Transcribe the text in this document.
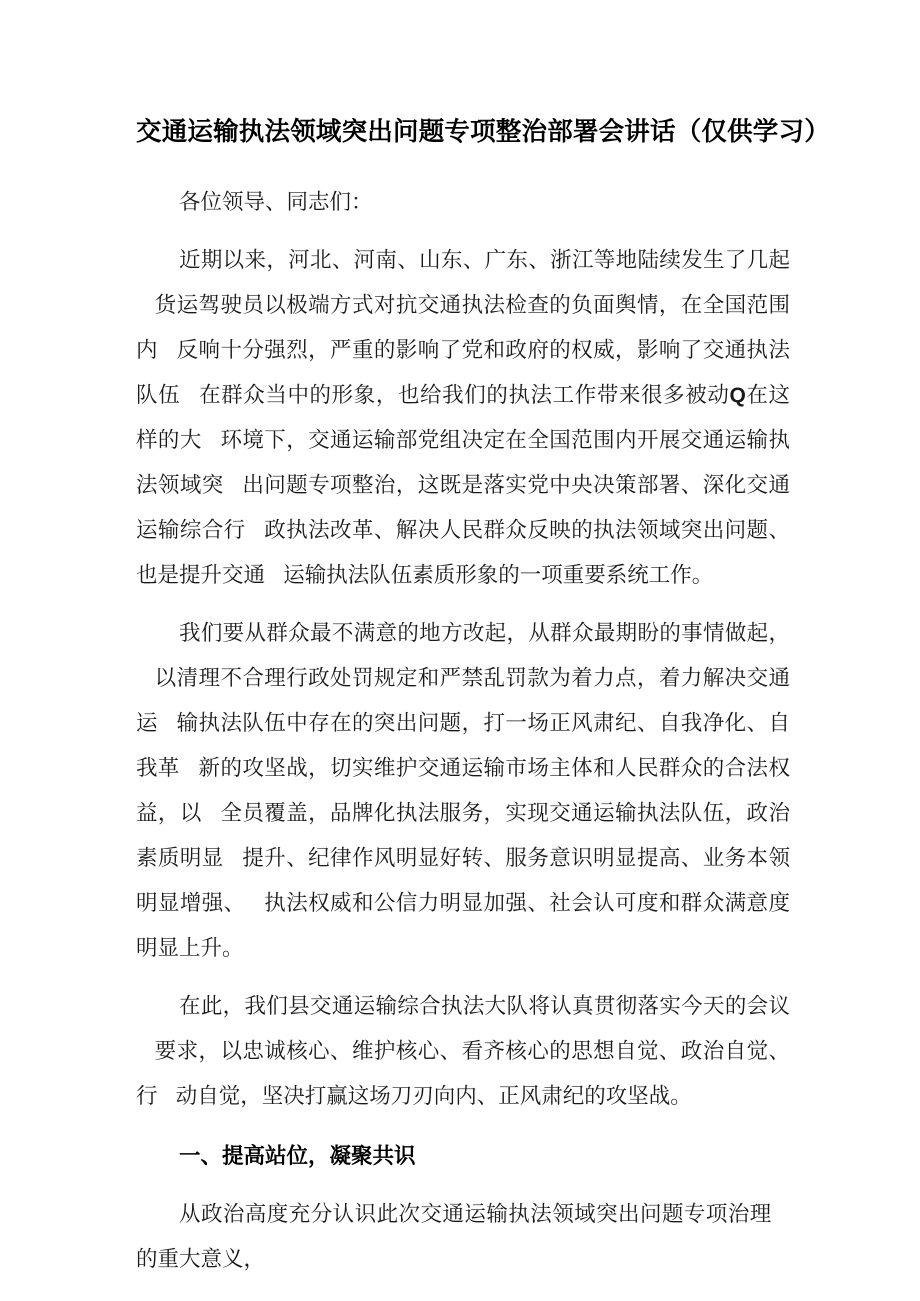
交通运输执法领域突出问题专项整治部署会讲话（仅供学习）

各位领导、同志们：

近期以来，河北、河南、山东、广东、浙江等地陆续发生了几起货运驾驶员以极端方式对抗交通执法检查的负面舆情，在全国范围内 反响十分强烈，严重的影响了党和政府的权威，影响了交通执法队伍 在群众当中的形象，也给我们的执法工作带来很多被动Q在这样的大 环境下，交通运输部党组决定在全国范围内开展交通运输执法领域突 出问题专项整治，这既是落实党中央决策部署、深化交通运输综合行 政执法改革、解决人民群众反映的执法领域突出问题、也是提升交通 运输执法队伍素质形象的一项重要系统工作。

我们要从群众最不满意的地方改起，从群众最期盼的事情做起，以清理不合理行政处罚规定和严禁乱罚款为着力点，着力解决交通运 输执法队伍中存在的突出问题，打一场正风肃纪、自我净化、自我革 新的攻坚战，切实维护交通运输市场主体和人民群众的合法权益，以 全员覆盖，品牌化执法服务，实现交通运输执法队伍，政治素质明显 提升、纪律作风明显好转、服务意识明显提高、业务本领明显增强、 执法权威和公信力明显加强、社会认可度和群众满意度明显上升。

在此，我们县交通运输综合执法大队将认真贯彻落实今天的会议要求，以忠诚核心、维护核心、看齐核心的思想自觉、政治自觉、行 动自觉，坚决打赢这场刀刃向内、正风肃纪的攻坚战。

一、提高站位，凝聚共识

从政治高度充分认识此次交通运输执法领域突出问题专项治理的重大意义，
